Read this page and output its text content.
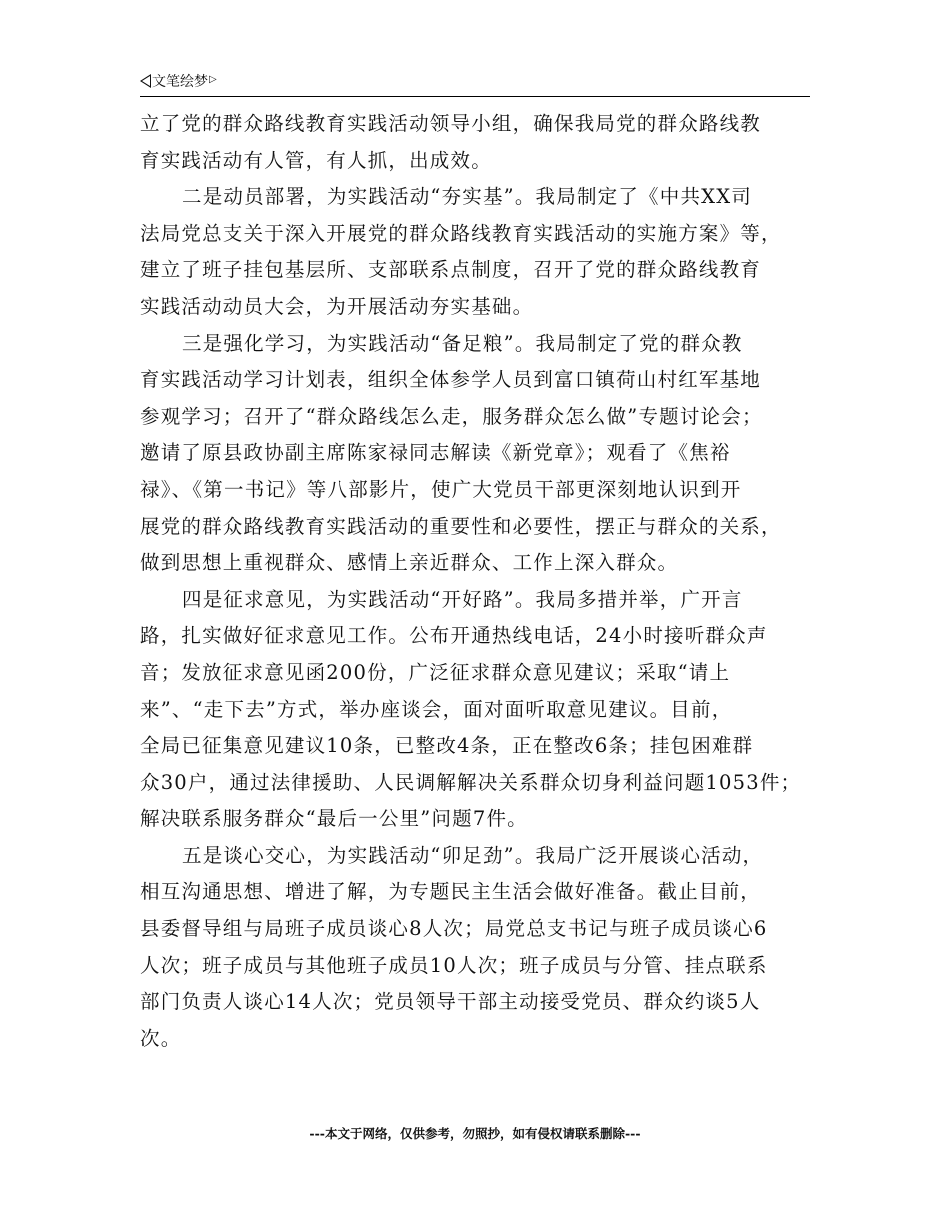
文笔绘梦▷
立了党的群众路线教育实践活动领导小组，确保我局党的群众路线教
育实践活动有人管，有人抓，出成效。
二是动员部署，为实践活动“夯实基”。我局制定了《中共XX司
法局党总支关于深入开展党的群众路线教育实践活动的实施方案》等，
建立了班子挂包基层所、支部联系点制度，召开了党的群众路线教育
实践活动动员大会，为开展活动夯实基础。
三是强化学习，为实践活动“备足粮”。我局制定了党的群众教
育实践活动学习计划表，组织全体参学人员到富口镇荷山村红军基地
参观学习；召开了“群众路线怎么走，服务群众怎么做”专题讨论会；
邀请了原县政协副主席陈家禄同志解读《新党章》；观看了《焦裕
禄》、《第一书记》等八部影片，使广大党员干部更深刻地认识到开
展党的群众路线教育实践活动的重要性和必要性，摆正与群众的关系，
做到思想上重视群众、感情上亲近群众、工作上深入群众。
四是征求意见，为实践活动“开好路”。我局多措并举，广开言
路，扎实做好征求意见工作。公布开通热线电话，24小时接听群众声
音；发放征求意见函200份，广泛征求群众意见建议；采取“请上
来”、“走下去”方式，举办座谈会，面对面听取意见建议。目前，
全局已征集意见建议10条，已整改4条，正在整改6条；挂包困难群
众30户，通过法律援助、人民调解解决关系群众切身利益问题1053件；
解决联系服务群众“最后一公里”问题7件。
五是谈心交心，为实践活动“卯足劲”。我局广泛开展谈心活动，
相互沟通思想、增进了解，为专题民主生活会做好准备。截止目前，
县委督导组与局班子成员谈心8人次；局党总支书记与班子成员谈心6
人次；班子成员与其他班子成员10人次；班子成员与分管、挂点联系
部门负责人谈心14人次；党员领导干部主动接受党员、群众约谈5人
次。
---本文于网络，仅供参考，勿照抄，如有侵权请联系删除---
